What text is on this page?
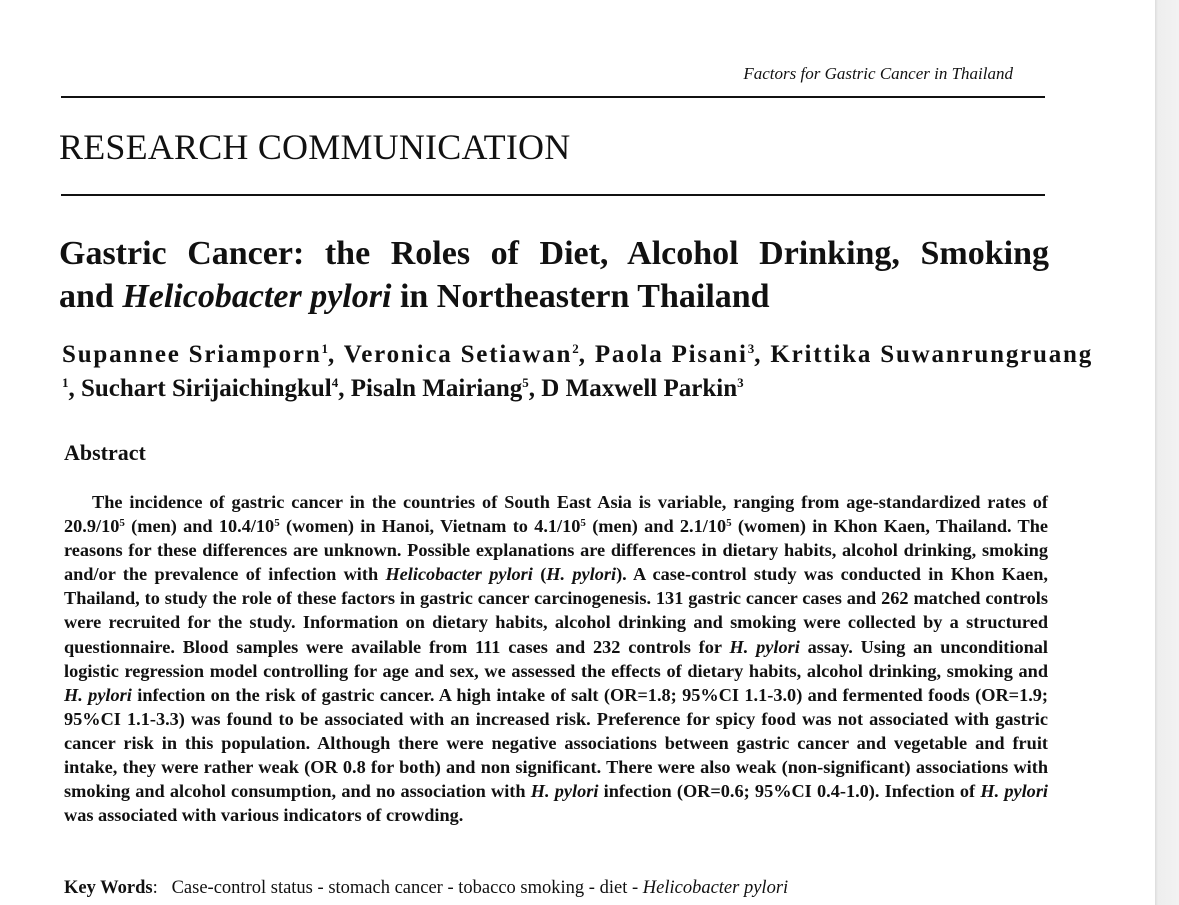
Factors for Gastric Cancer in Thailand
RESEARCH COMMUNICATION
Gastric Cancer: the Roles of Diet, Alcohol Drinking, Smoking
and Helicobacter pylori in Northeastern Thailand
Supannee Sriamporn$^1$, Veronica Setiawan$^2$, Paola Pisani$^3$, Krittika Suwanrungruang
$^1$, Suchart Sirijaichingkul$^4$, Pisaln Mairiang$^5$, D Maxwell Parkin$^3$
Abstract

The incidence of gastric cancer in the countries of South East Asia is variable, ranging from age-standardized rates of $20.9/10^5$ (men) and $10.4/10^5$ (women) in Hanoi, Vietnam to $4.1/10^5$ (men) and $2.1/10^5$ (women) in Khon Kaen, Thailand. The reasons for these differences are unknown. Possible explanations are differences in dietary habits, alcohol drinking, smoking and/or the prevalence of infection with Helicobacter pylori (H. pylori). A case-control study was conducted in Khon Kaen, Thailand, to study the role of these factors in gastric cancer carcinogenesis. 131 gastric cancer cases and 262 matched controls were recruited for the study. Information on dietary habits, alcohol drinking and smoking were collected by a structured questionnaire. Blood samples were available from 111 cases and 232 controls for H. pylori assay. Using an unconditional logistic regression model controlling for age and sex, we assessed the effects of dietary habits, alcohol drinking, smoking and H. pylori infection on the risk of gastric cancer. A high intake of salt (OR=1.8; 95%CI 1.1-3.0) and fermented foods (OR=1.9; 95%CI 1.1-3.3) was found to be associated with an increased risk. Preference for spicy food was not associated with gastric cancer risk in this population. Although there were negative associations between gastric cancer and vegetable and fruit intake, they were rather weak (OR 0.8 for both) and non significant. There were also weak (non-significant) associations with smoking and alcohol consumption, and no association with H. pylori infection (OR=0.6; 95%CI 0.4-1.0). Infection of H. pylori was associated with various indicators of crowding.

Key Words: Case-control status - stomach cancer - tobacco smoking - diet - Helicobacter pylori
